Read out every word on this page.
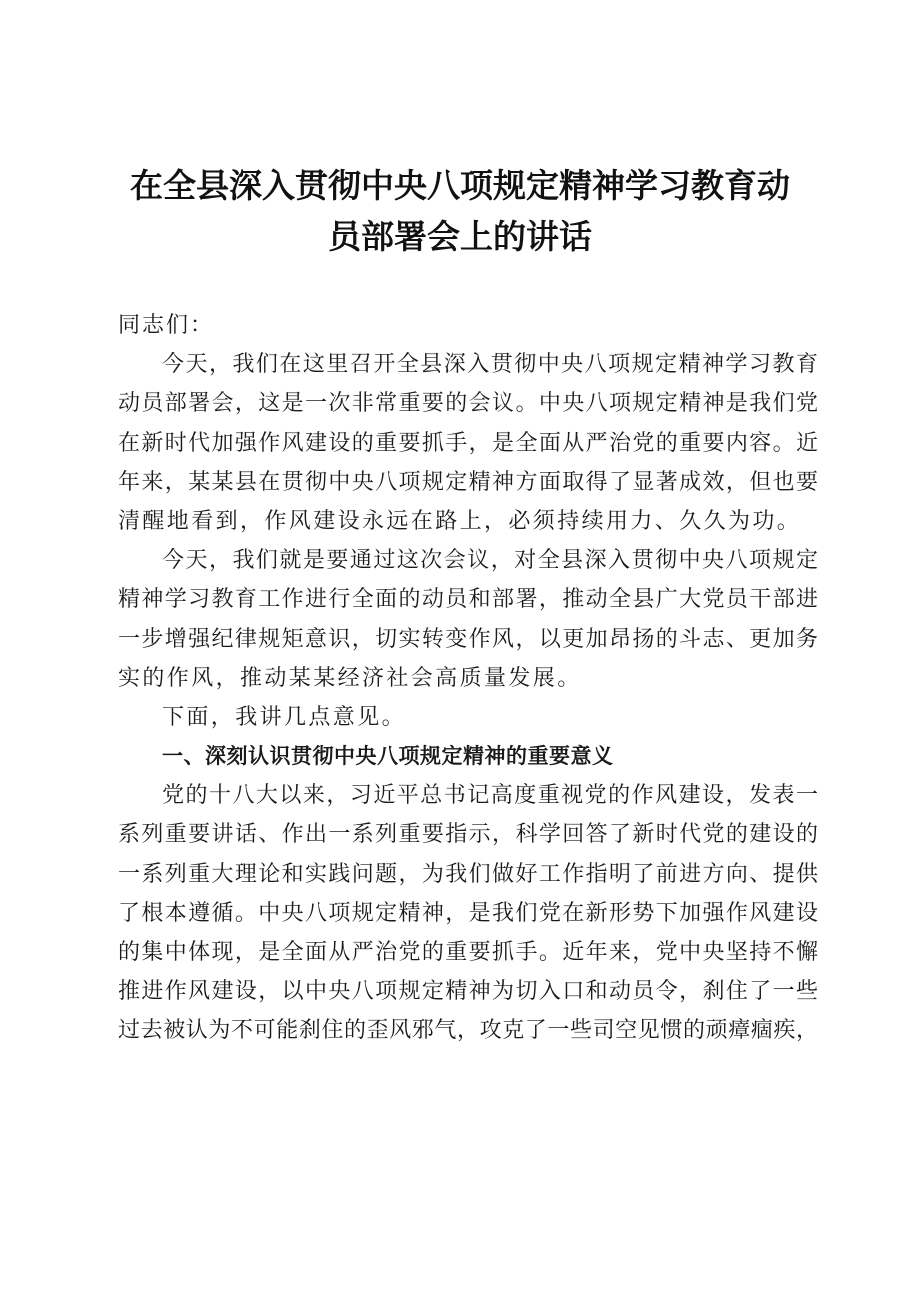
在全县深入贯彻中央八项规定精神学习教育动
员部署会上的讲话
同志们：
今天，我们在这里召开全县深入贯彻中央八项规定精神学习教育
动员部署会，这是一次非常重要的会议。中央八项规定精神是我们党
在新时代加强作风建设的重要抓手，是全面从严治党的重要内容。近
年来，某某县在贯彻中央八项规定精神方面取得了显著成效，但也要
清醒地看到，作风建设永远在路上，必须持续用力、久久为功。
今天，我们就是要通过这次会议，对全县深入贯彻中央八项规定
精神学习教育工作进行全面的动员和部署，推动全县广大党员干部进
一步增强纪律规矩意识，切实转变作风，以更加昂扬的斗志、更加务
实的作风，推动某某经济社会高质量发展。
下面，我讲几点意见。
一、深刻认识贯彻中央八项规定精神的重要意义
党的十八大以来，习近平总书记高度重视党的作风建设，发表一
系列重要讲话、作出一系列重要指示，科学回答了新时代党的建设的
一系列重大理论和实践问题，为我们做好工作指明了前进方向、提供
了根本遵循。中央八项规定精神，是我们党在新形势下加强作风建设
的集中体现，是全面从严治党的重要抓手。近年来，党中央坚持不懈
推进作风建设，以中央八项规定精神为切入口和动员令，刹住了一些
过去被认为不可能刹住的歪风邪气，攻克了一些司空见惯的顽瘴痼疾，
